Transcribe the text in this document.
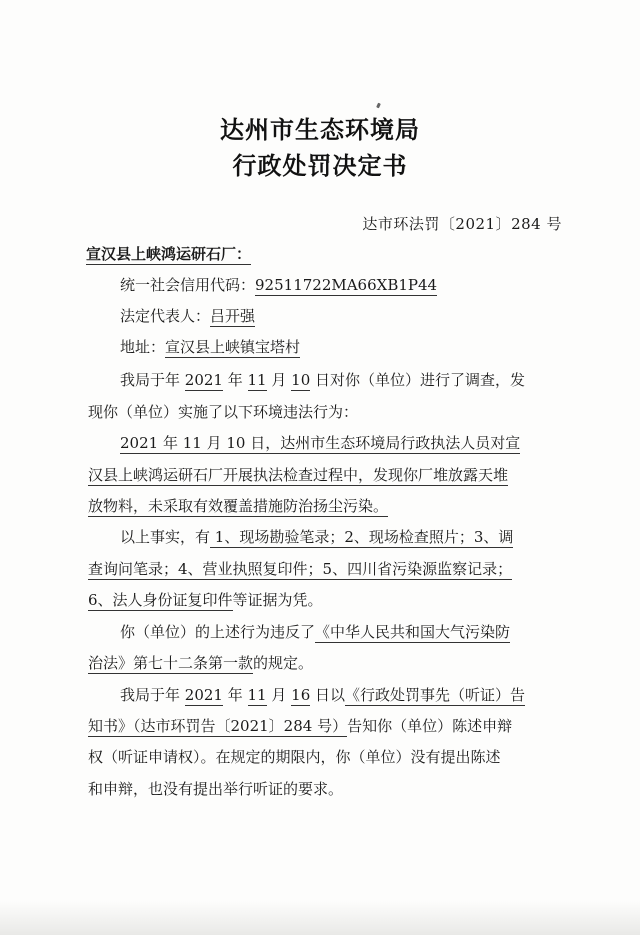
达州市生态环境局
行政处罚决定书
达市环法罚〔2021〕284 号
宣汉县上峡鸿运研石厂：
统一社会信用代码：92511722MA66XB1P44
法定代表人：吕开强
地址：宣汉县上峡镇宝塔村
我局于年 2021 年 11 月 10 日对你（单位）进行了调查，发
现你（单位）实施了以下环境违法行为：
2021 年 11 月 10 日，达州市生态环境局行政执法人员对宣
汉县上峡鸿运研石厂开展执法检查过程中，发现你厂堆放露天堆
放物料，未采取有效覆盖措施防治扬尘污染。
以上事实，有 1、现场勘验笔录；2、现场检查照片；3、调
查询问笔录；4、营业执照复印件；5、四川省污染源监察记录；
6、法人身份证复印件等证据为凭。
你（单位）的上述行为违反了《中华人民共和国大气污染防
治法》第七十二条第一款的规定。
我局于年 2021 年 11 月 16 日以《行政处罚事先（听证）告
知书》（达市环罚告〔2021〕284 号）告知你（单位）陈述申辩
权（听证申请权）。在规定的期限内，你（单位）没有提出陈述
和申辩，也没有提出举行听证的要求。
